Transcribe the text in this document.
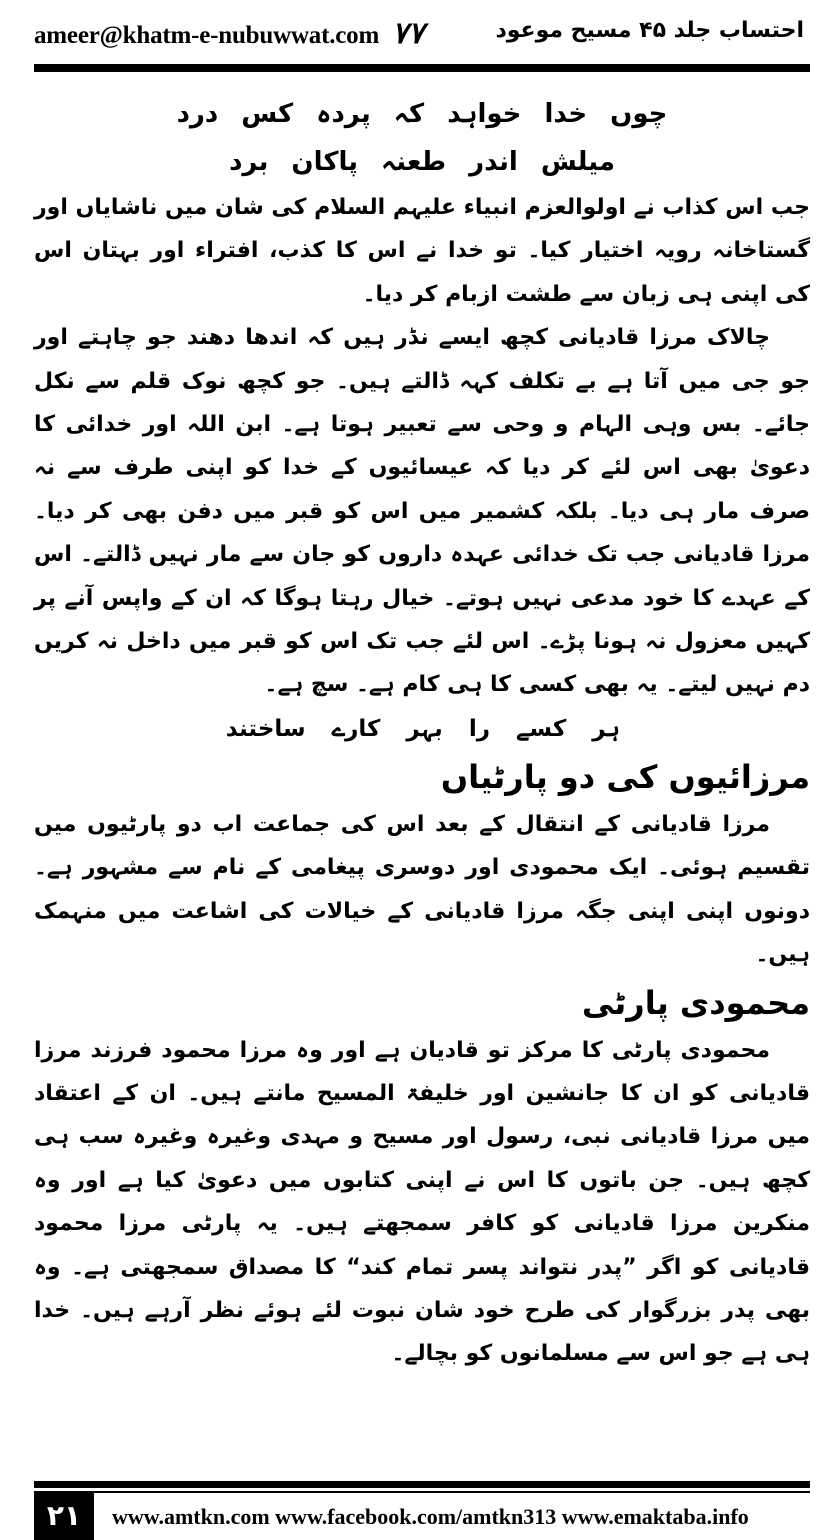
ameer@khatm-e-nubuwwat.com ٧٧	احتساب جلد ۴۵ مسیح موعود
چوں خدا خواہد کہ پردہ کس درد
میلش اندر طعنہ پاکان برد

جب اس کذاب نے اولوالعزم انبیاء علیہم السلام کی شان میں ناشایاں اور گستاخانہ رویہ اختیار کیا۔ تو خدا نے اس کا کذب، افتراء اور بہتان اس کی اپنی ہی زبان سے طشت ازبام کر دیا۔

چالاک مرزا قادیانی کچھ ایسے نڈر ہیں کہ اندھا دھند جو چاہتے اور جو جی میں آتا ہے بے تکلف کہہ ڈالتے ہیں۔ جو کچھ نوک قلم سے نکل جائے۔ بس وہی الہام و وحی سے تعبیر ہوتا ہے۔ ابن اللہ اور خدائی کا دعویٰ بھی اس لئے کر دیا کہ عیسائیوں کے خدا کو اپنی طرف سے نہ صرف مار ہی دیا۔ بلکہ کشمیر میں اس کو قبر میں دفن بھی کر دیا۔ مرزا قادیانی جب تک خدائی عہدہ داروں کو جان سے مار نہیں ڈالتے۔ اس کے عہدے کا خود مدعی نہیں ہوتے۔ خیال رہتا ہوگا کہ ان کے واپس آنے پر کہیں معزول نہ ہونا پڑے۔ اس لئے جب تک اس کو قبر میں داخل نہ کریں دم نہیں لیتے۔ یہ بھی کسی کا ہی کام ہے۔ سچ ہے۔

ہر کسے را بہر کارے ساختند
مرزائیوں کی دو پارٹیاں

مرزا قادیانی کے انتقال کے بعد اس کی جماعت اب دو پارٹیوں میں تقسیم ہوئی۔ ایک محمودی اور دوسری پیغامی کے نام سے مشہور ہے۔ دونوں اپنی اپنی جگہ مرزا قادیانی کے خیالات کی اشاعت میں منہمک ہیں۔

محمودی پارٹی

محمودی پارٹی کا مرکز تو قادیان ہے اور وہ مرزا محمود فرزند مرزا قادیانی کو ان کا جانشین اور خلیفۃ المسیح مانتے ہیں۔ ان کے اعتقاد میں مرزا قادیانی نبی، رسول اور مسیح و مہدی وغیرہ وغیرہ سب ہی کچھ ہیں۔ جن باتوں کا اس نے اپنی کتابوں میں دعویٰ کیا ہے اور وہ منکرین مرزا قادیانی کو کافر سمجھتے ہیں۔ یہ پارٹی مرزا محمود قادیانی کو اگر ”پدر نتواند پسر تمام کند“ کا مصداق سمجھتی ہے۔ وہ بھی پدر بزرگوار کی طرح خود شان نبوت لئے ہوئے نظر آرہے ہیں۔ خدا ہی ہے جو اس سے مسلمانوں کو بچالے۔

٢١	www.amtkn.com www.facebook.com/amtkn313 www.emaktaba.info
